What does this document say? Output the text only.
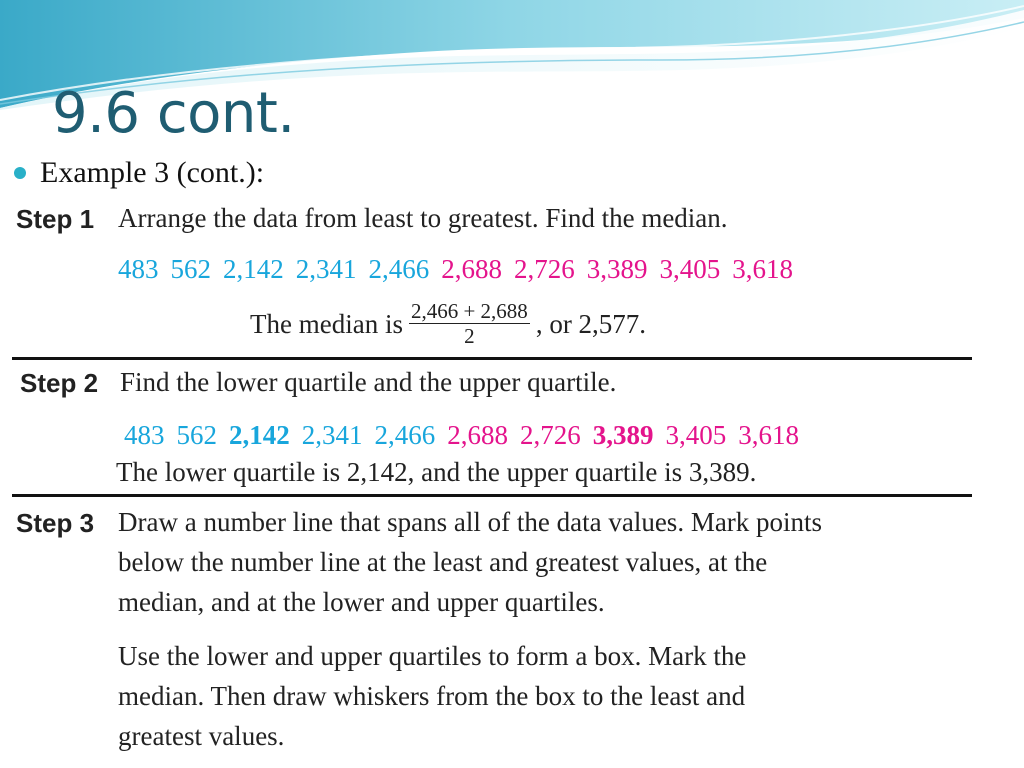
9.6 cont.
Example 3 (cont.):
Step 1 Arrange the data from least to greatest. Find the median.
483 562 2,142 2,341 2,466 2,688 2,726 3,389 3,405 3,618
The median is $\frac{2,466 + 2,688}{2}$ , or 2,577.
Step 2 Find the lower quartile and the upper quartile.
483 562 2,142 2,341 2,466 2,688 2,726 3,389 3,405 3,618
The lower quartile is 2,142, and the upper quartile is 3,389.
Step 3 Draw a number line that spans all of the data values. Mark points
below the number line at the least and greatest values, at the
median, and at the lower and upper quartiles.
Use the lower and upper quartiles to form a box. Mark the
median. Then draw whiskers from the box to the least and
greatest values.
